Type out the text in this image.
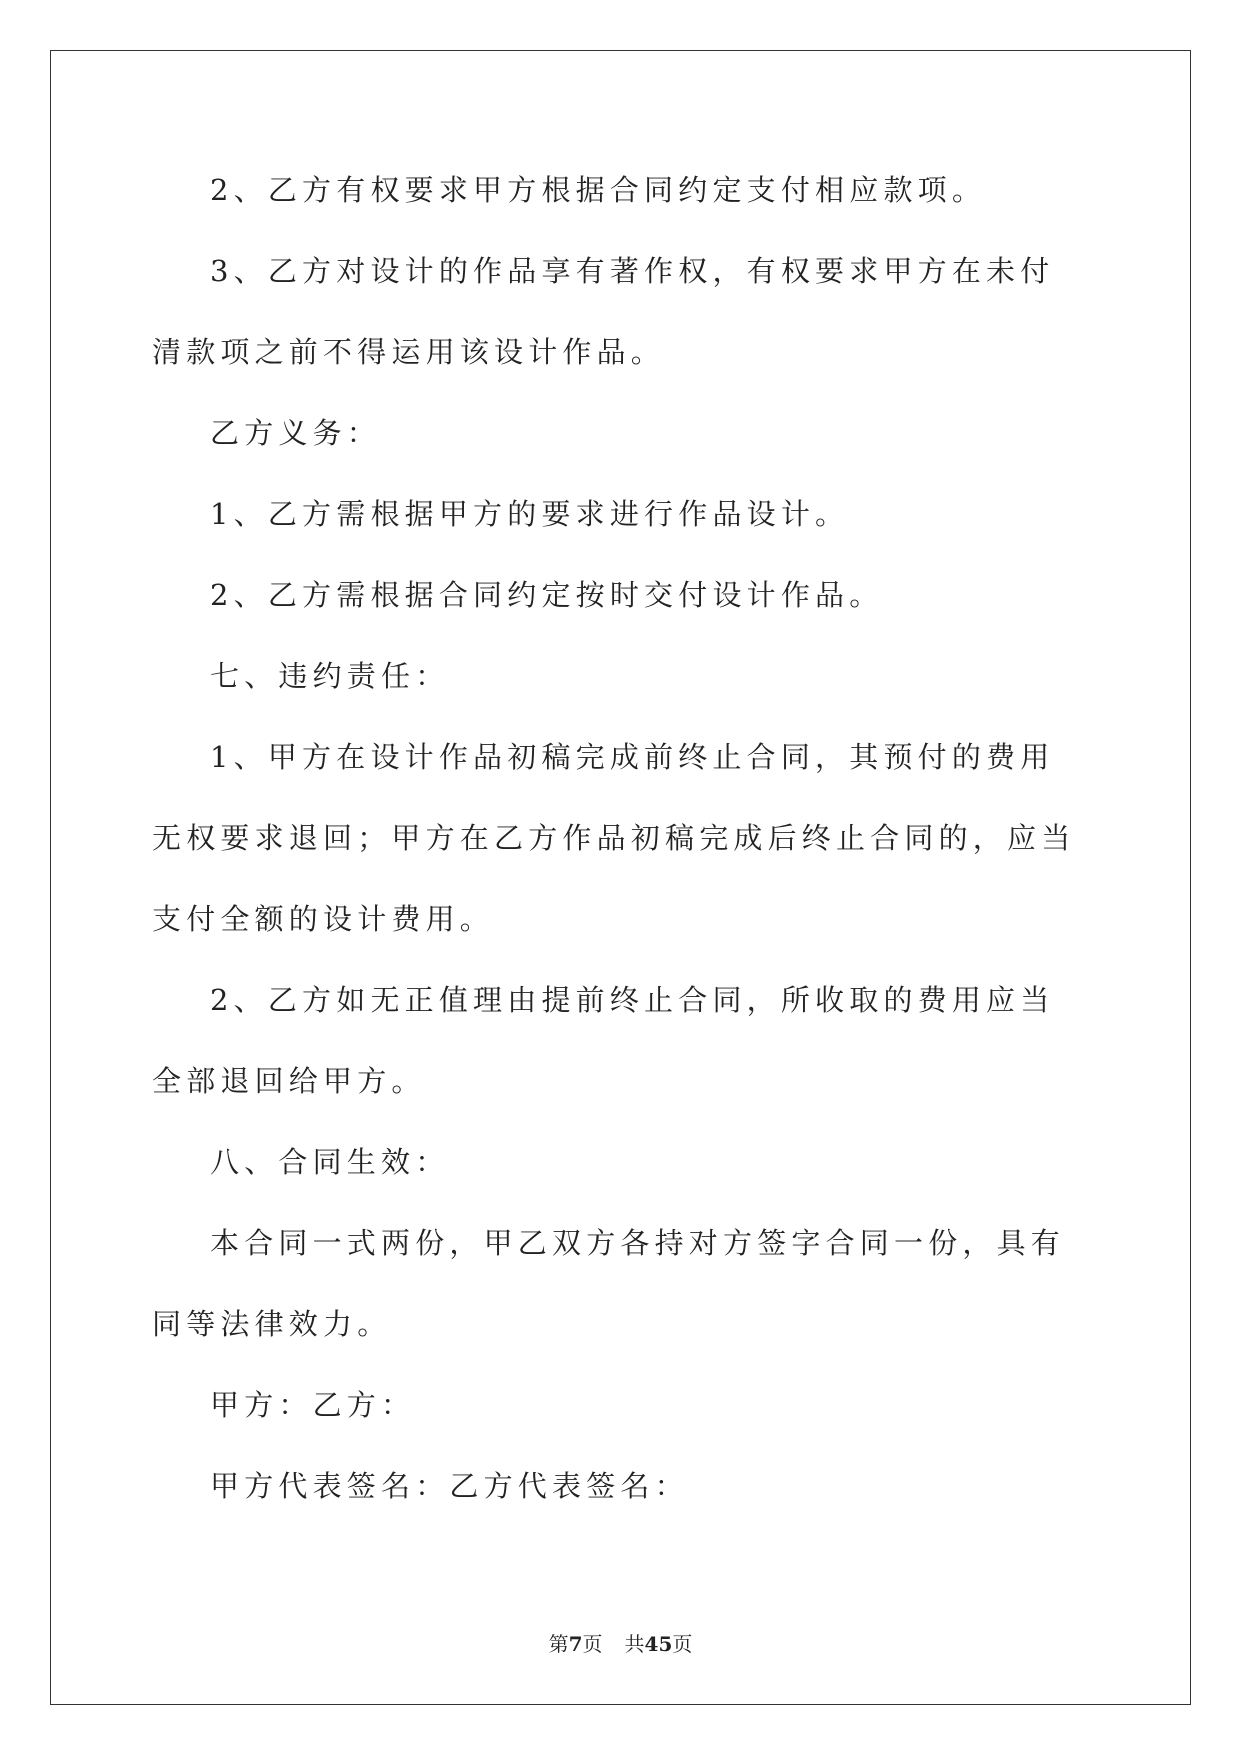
2、乙方有权要求甲方根据合同约定支付相应款项。

3、乙方对设计的作品享有著作权，有权要求甲方在未付清款项之前不得运用该设计作品。

乙方义务：

1、乙方需根据甲方的要求进行作品设计。

2、乙方需根据合同约定按时交付设计作品。

七、违约责任：

1、甲方在设计作品初稿完成前终止合同，其预付的费用无权要求退回；甲方在乙方作品初稿完成后终止合同的，应当支付全额的设计费用。

2、乙方如无正值理由提前终止合同，所收取的费用应当全部退回给甲方。

八、合同生效：

本合同一式两份，甲乙双方各持对方签字合同一份，具有同等法律效力。

甲方：乙方：

甲方代表签名：乙方代表签名：

第7页 共45页
